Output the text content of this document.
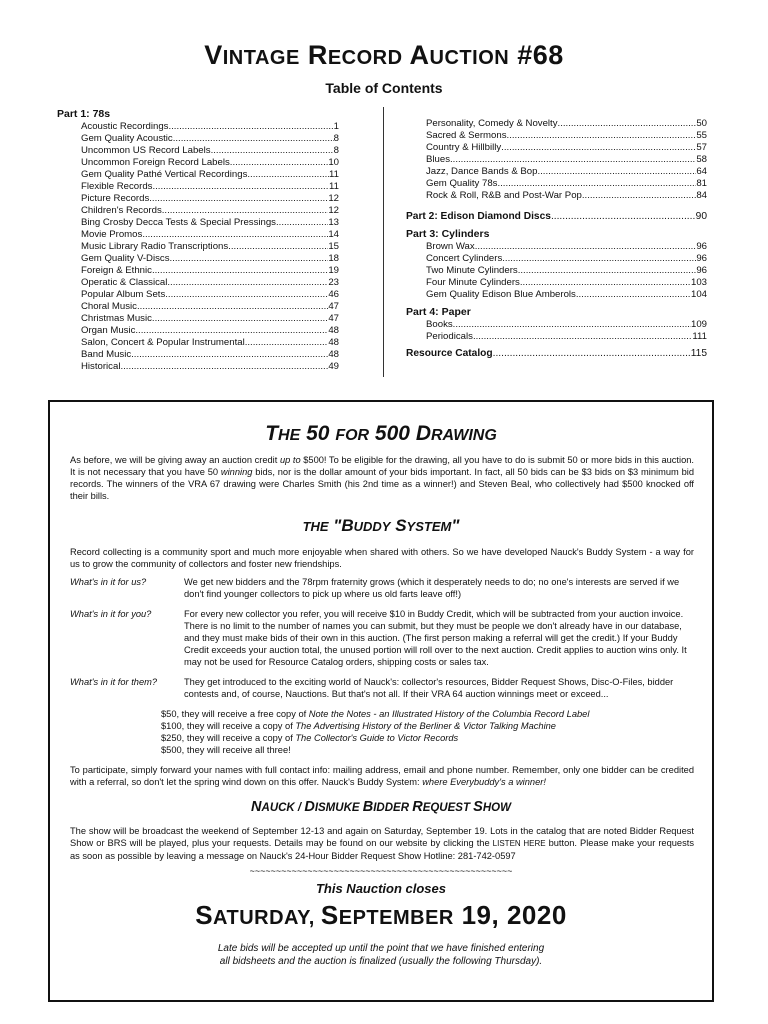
VINTAGE RECORD AUCTION #68
Table of Contents
Part 1: 78s
Acoustic Recordings .....	1
Gem Quality Acoustic .....	8
Uncommon US Record Labels .....	8
Uncommon Foreign Record Labels .....	10
Gem Quality Pathé Vertical Recordings .....	11
Flexible Records .....	11
Picture Records .....	12
Children's Records .....	12
Bing Crosby Decca Tests & Special Pressings .....	13
Movie Promos .....	14
Music Library Radio Transcriptions .....	15
Gem Quality V-Discs .....	18
Foreign & Ethnic .....	19
Operatic & Classical .....	23
Popular Album Sets .....	46
Choral Music .....	47
Christmas Music .....	47
Organ Music .....	48
Salon, Concert & Popular Instrumental .....	48
Band Music .....	48
Historical .....	49
Personality, Comedy & Novelty .....	50
Sacred & Sermons .....	55
Country & Hillbilly .....	57
Blues .....	58
Jazz, Dance Bands & Bop .....	64
Gem Quality 78s .....	81
Rock & Roll, R&B and Post-War Pop .....	84
Part 2: Edison Diamond Discs .....	90
Part 3: Cylinders
Brown Wax .....	96
Concert Cylinders .....	96
Two Minute Cylinders .....	96
Four Minute Cylinders .....	103
Gem Quality Edison Blue Amberols .....	104
Part 4: Paper
Books .....	109
Periodicals .....	111
Resource Catalog .....	115
THE 50 FOR 500 DRAWING
As before, we will be giving away an auction credit up to $500! To be eligible for the drawing, all you have to do is submit 50 or more bids in this auction. It is not necessary that you have 50 winning bids, nor is the dollar amount of your bids important. In fact, all 50 bids can be $3 bids on $3 minimum bid records. The winners of the VRA 67 drawing were Charles Smith (his 2nd time as a winner!) and Steven Beal, who collectively had $500 knocked off their bills.
THE "BUDDY SYSTEM"
Record collecting is a community sport and much more enjoyable when shared with others. So we have developed Nauck's Buddy System - a way for us to grow the community of collectors and foster new friendships.
What's in it for us?	We get new bidders and the 78rpm fraternity grows (which it desperately needs to do; no one's interests are served if we don't find younger collectors to pick up where us old farts leave off!)
What's in it for you?	For every new collector you refer, you will receive $10 in Buddy Credit, which will be subtracted from your auction invoice. There is no limit to the number of names you can submit, but they must be people we don't already have in our database, and they must make bids of their own in this auction. (The first person making a referral will get the credit.) If your Buddy Credit exceeds your auction total, the unused portion will roll over to the next auction. Credit applies to auction wins only. It may not be used for Resource Catalog orders, shipping costs or sales tax.
What's in it for them?	They get introduced to the exciting world of Nauck's: collector's resources, Bidder Request Shows, Disc-O-Files, bidder contests and, of course, Nauctions. But that's not all. If their VRA 64 auction winnings meet or exceed...
$50, they will receive a free copy of Note the Notes - an Illustrated History of the Columbia Record Label
$100, they will receive a copy of The Advertising History of the Berliner & Victor Talking Machine
$250, they will receive a copy of The Collector's Guide to Victor Records
$500, they will receive all three!
To participate, simply forward your names with full contact info: mailing address, email and phone number. Remember, only one bidder can be credited with a referral, so don't let the spring wind down on this offer. Nauck's Buddy System: where Everybuddy's a winner!
NAUCK / DISMUKE BIDDER REQUEST SHOW
The show will be broadcast the weekend of September 12-13 and again on Saturday, September 19. Lots in the catalog that are noted Bidder Request Show or BRS will be played, plus your requests. Details may be found on our website by clicking the LISTEN HERE button. Please make your requests as soon as possible by leaving a message on Nauck's 24-Hour Bidder Request Show Hotline: 281-742-0597
~~~~~~~~~~~~~~~~~~~~~~~~~~~~~~~~~~~~~~~~~~~~~~~~~~
This Nauction closes
SATURDAY, SEPTEMBER 19, 2020
Late bids will be accepted up until the point that we have finished entering
all bidsheets and the auction is finalized (usually the following Thursday).
